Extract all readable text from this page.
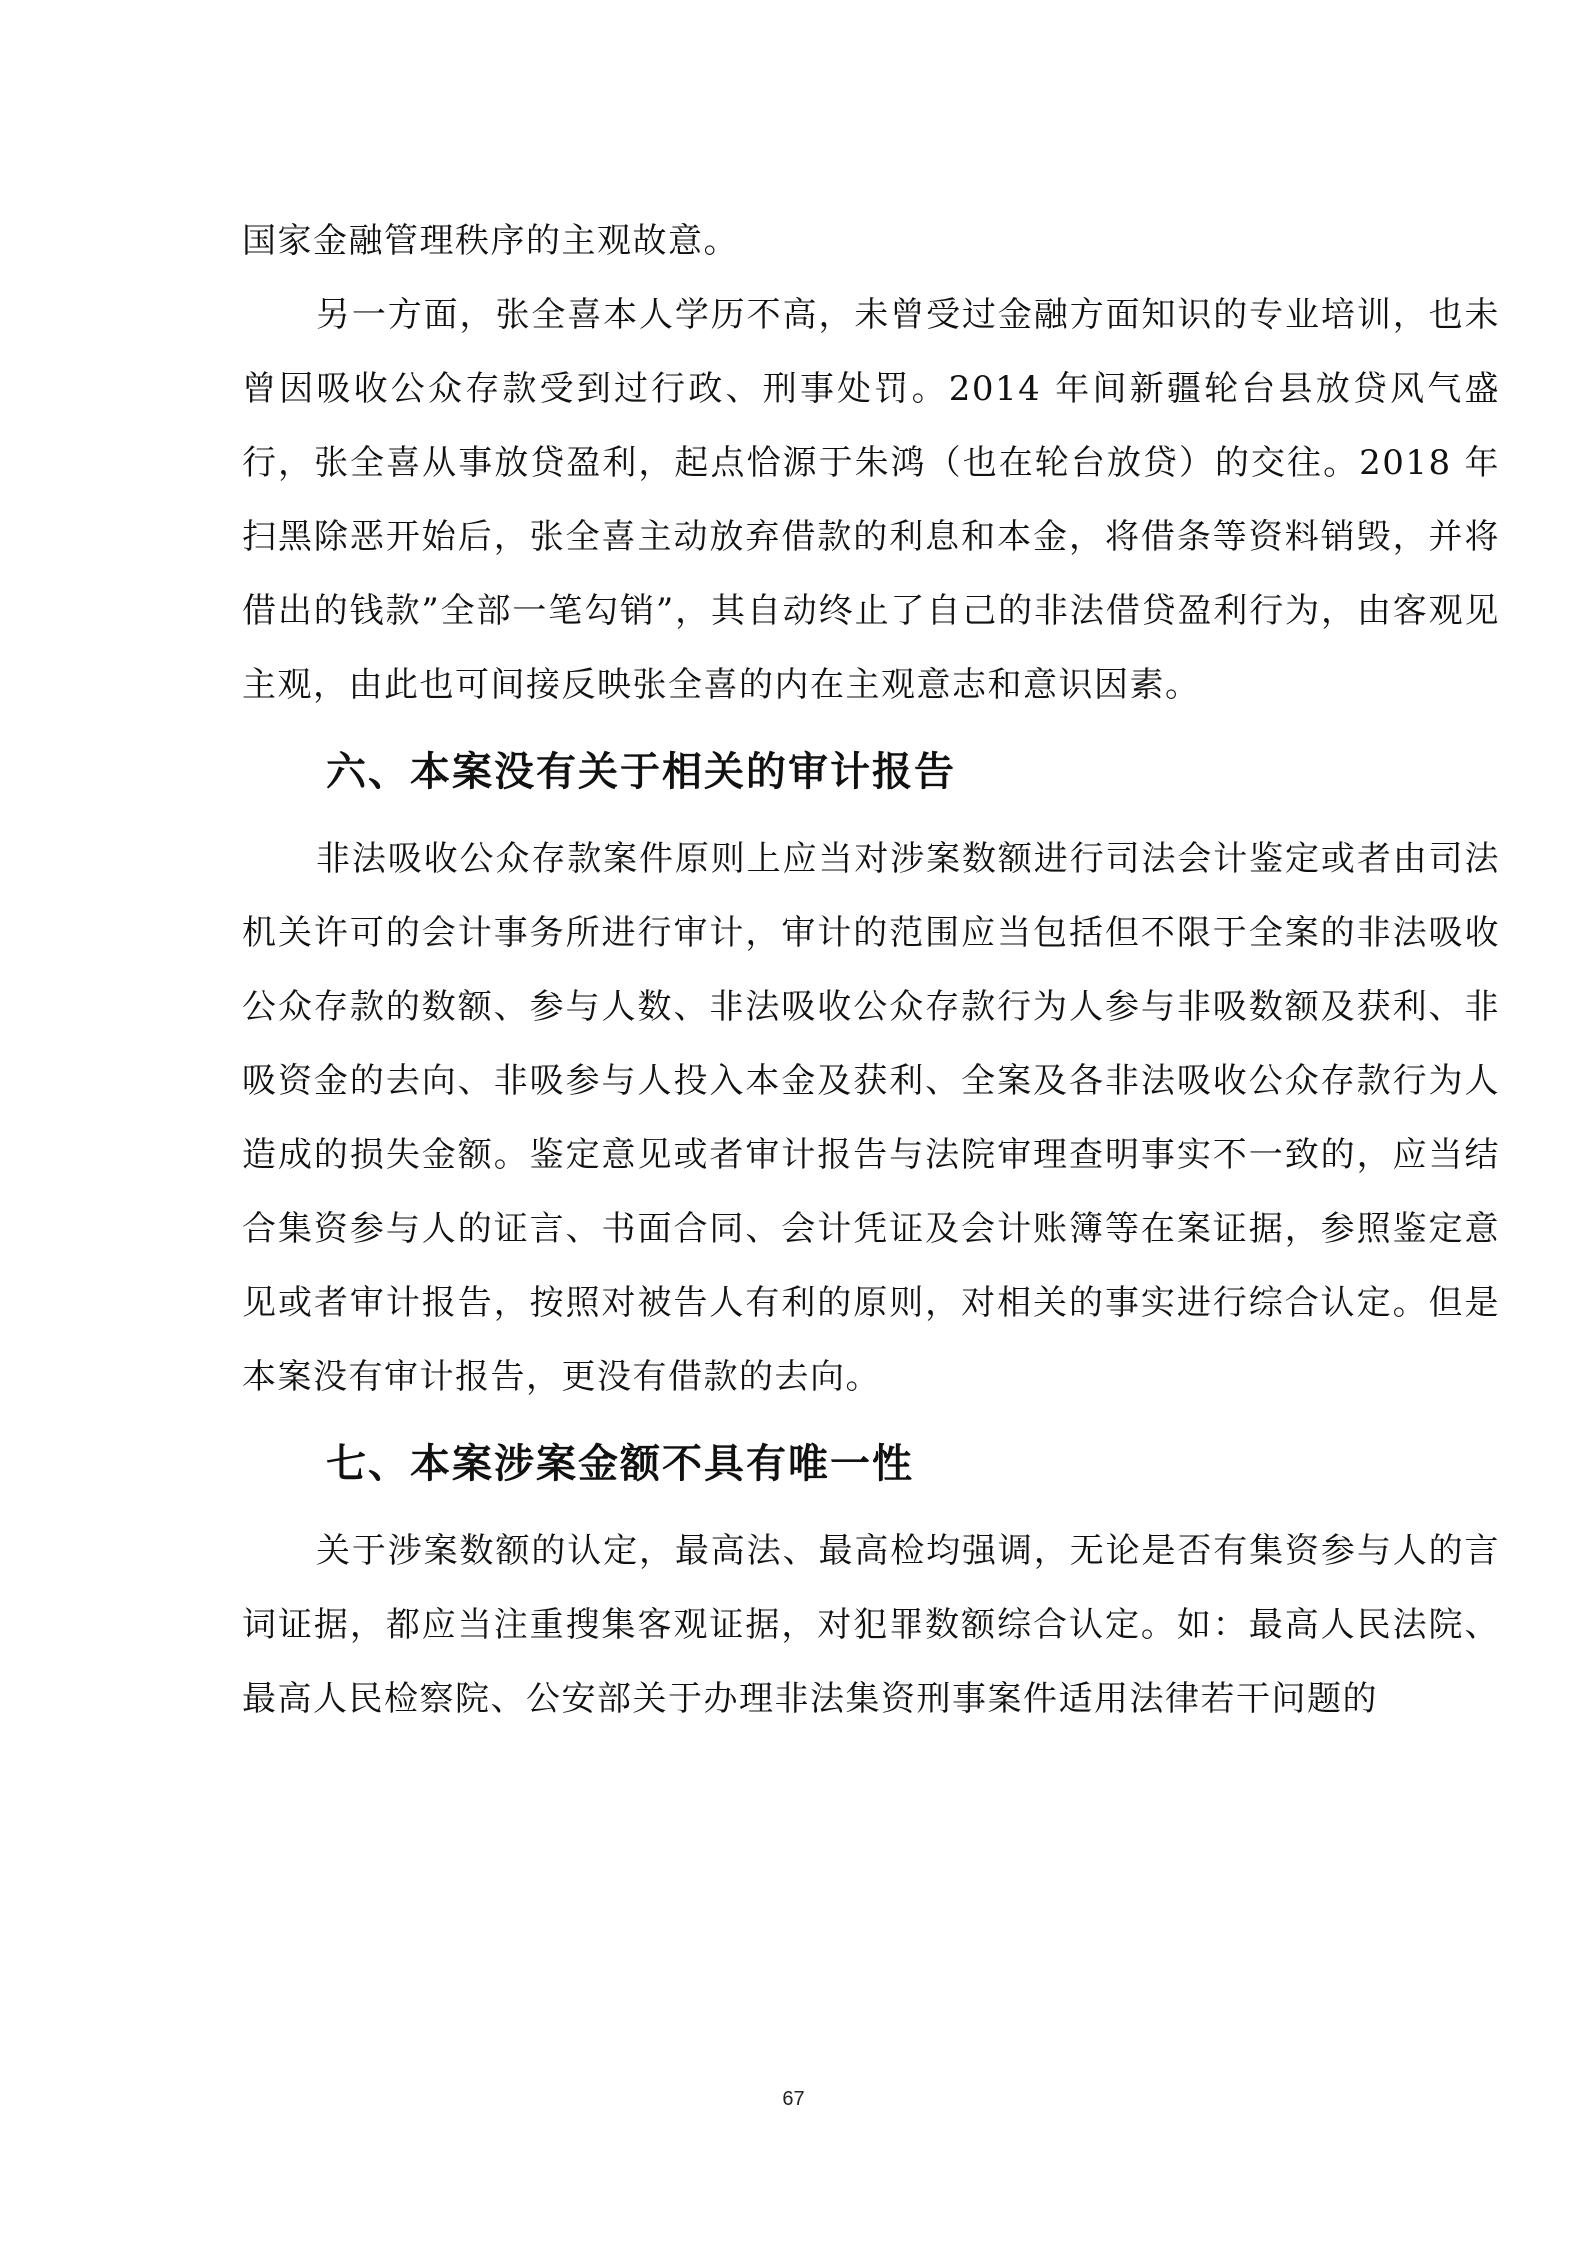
国家金融管理秩序的主观故意。

另一方面，张全喜本人学历不高，未曾受过金融方面知识的专业培训，也未曾因吸收公众存款受到过行政、刑事处罚。2014 年间新疆轮台县放贷风气盛行，张全喜从事放贷盈利，起点恰源于朱鸿（也在轮台放贷）的交往。2018 年扫黑除恶开始后，张全喜主动放弃借款的利息和本金，将借条等资料销毁，并将借出的钱款”全部一笔勾销”，其自动终止了自己的非法借贷盈利行为，由客观见主观，由此也可间接反映张全喜的内在主观意志和意识因素。

六、本案没有关于相关的审计报告

非法吸收公众存款案件原则上应当对涉案数额进行司法会计鉴定或者由司法机关许可的会计事务所进行审计，审计的范围应当包括但不限于全案的非法吸收公众存款的数额、参与人数、非法吸收公众存款行为人参与非吸数额及获利、非吸资金的去向、非吸参与人投入本金及获利、全案及各非法吸收公众存款行为人造成的损失金额。鉴定意见或者审计报告与法院审理查明事实不一致的，应当结合集资参与人的证言、书面合同、会计凭证及会计账簿等在案证据，参照鉴定意见或者审计报告，按照对被告人有利的原则，对相关的事实进行综合认定。但是本案没有审计报告，更没有借款的去向。

七、本案涉案金额不具有唯一性

关于涉案数额的认定，最高法、最高检均强调，无论是否有集资参与人的言词证据，都应当注重搜集客观证据，对犯罪数额综合认定。如：最高人民法院、最高人民检察院、公安部关于办理非法集资刑事案件适用法律若干问题的

67
